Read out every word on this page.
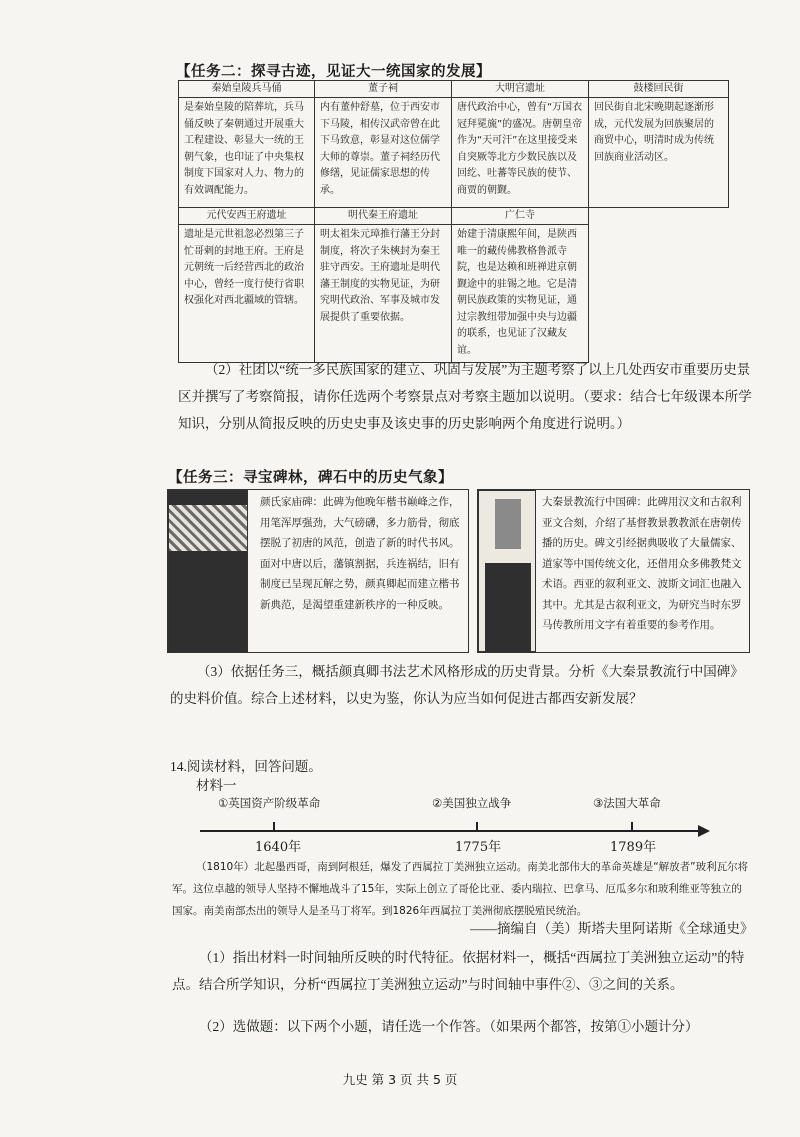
【任务二：探寻古迹，见证大一统国家的发展】
秦始皇陵兵马俑	董子祠	大明宫遗址	鼓楼回民街
是秦始皇陵的陪葬坑，兵马俑反映了秦朝通过开展重大工程建设、彰显大一统的王朝气象，也印证了中央集权制度下国家对人力、物力的有效调配能力。	内有董仲舒墓，位于西安市下马陵，相传汉武帝曾在此下马致意，彰显对这位儒学大师的尊崇。董子祠经历代修缮，见证儒家思想的传承。	唐代政治中心，曾有“万国衣冠拜冕旒”的盛况。唐朝皇帝作为“天可汗”在这里接受来自突厥等北方少数民族以及回纥、吐蕃等民族的使节、商贾的朝觐。	回民街自北宋晚期起逐渐形成，元代发展为回族聚居的商贸中心，明清时成为传统回族商业活动区。
元代安西王府遗址	明代秦王府遗址	广仁寺	
遗址是元世祖忽必烈第三子忙哥剌的封地王府。王府是元朝统一后经营西北的政治中心，曾经一度行使行省职权强化对西北疆域的管辖。	明太祖朱元璋推行藩王分封制度，将次子朱樉封为秦王驻守西安。王府遗址是明代藩王制度的实物见证，为研究明代政治、军事及城市发展提供了重要依据。	始建于清康熙年间，是陕西唯一的藏传佛教格鲁派寺院，也是达赖和班禅进京朝觐途中的驻锡之地。它是清朝民族政策的实物见证，通过宗教纽带加强中央与边疆的联系，也见证了汉藏友谊。	
（2）社团以“统一多民族国家的建立、巩固与发展”为主题考察了以上几处西安市重要历史景区并撰写了考察简报，请你任选两个考察景点对考察主题加以说明。（要求：结合七年级课本所学知识，分别从简报反映的历史史事及该史事的历史影响两个角度进行说明。）
【任务三：寻宝碑林，碑石中的历史气象】
颜氏家庙碑：此碑为他晚年楷书巅峰之作，用笔浑厚强劲，大气磅礴，多力筋骨，彻底摆脱了初唐的风范，创造了新的时代书风。面对中唐以后，藩镇割据，兵连祸结，旧有制度已呈现瓦解之势，颜真卿起而建立楷书新典范，是渴望重建新秩序的一种反映。
大秦景教流行中国碑：此碑用汉文和古叙利亚文合刻，介绍了基督教景教教派在唐朝传播的历史。碑文引经据典吸收了大量儒家、道家等中国传统文化，还借用众多佛教梵文术语。西亚的叙利亚文、波斯文词汇也融入其中。尤其是古叙利亚文，为研究当时东罗马传教所用文字有着重要的参考作用。
（3）依据任务三，概括颜真卿书法艺术风格形成的历史背景。分析《大秦景教流行中国碑》的史料价值。综合上述材料，以史为鉴，你认为应当如何促进古都西安新发展？
14.阅读材料，回答问题。
材料一
①英国资产阶级革命	②美国独立战争	③法国大革命
1640年	1775年	1789年
（1810年）北起墨西哥，南到阿根廷，爆发了西属拉丁美洲独立运动。南美北部伟大的革命英雄是“解放者”玻利瓦尔将军。这位卓越的领导人坚持不懈地战斗了15年，实际上创立了哥伦比亚、委内瑞拉、巴拿马、厄瓜多尔和玻利维亚等独立的国家。南美南部杰出的领导人是圣马丁将军。到1826年西属拉丁美洲彻底摆脱殖民统治。
——摘编自（美）斯塔夫里阿诺斯《全球通史》
（1）指出材料一时间轴所反映的时代特征。依据材料一，概括“西属拉丁美洲独立运动”的特点。结合所学知识，分析“西属拉丁美洲独立运动”与时间轴中事件②、③之间的关系。
（2）选做题：以下两个小题，请任选一个作答。（如果两个都答，按第①小题计分）
九史 第 3 页 共 5 页
